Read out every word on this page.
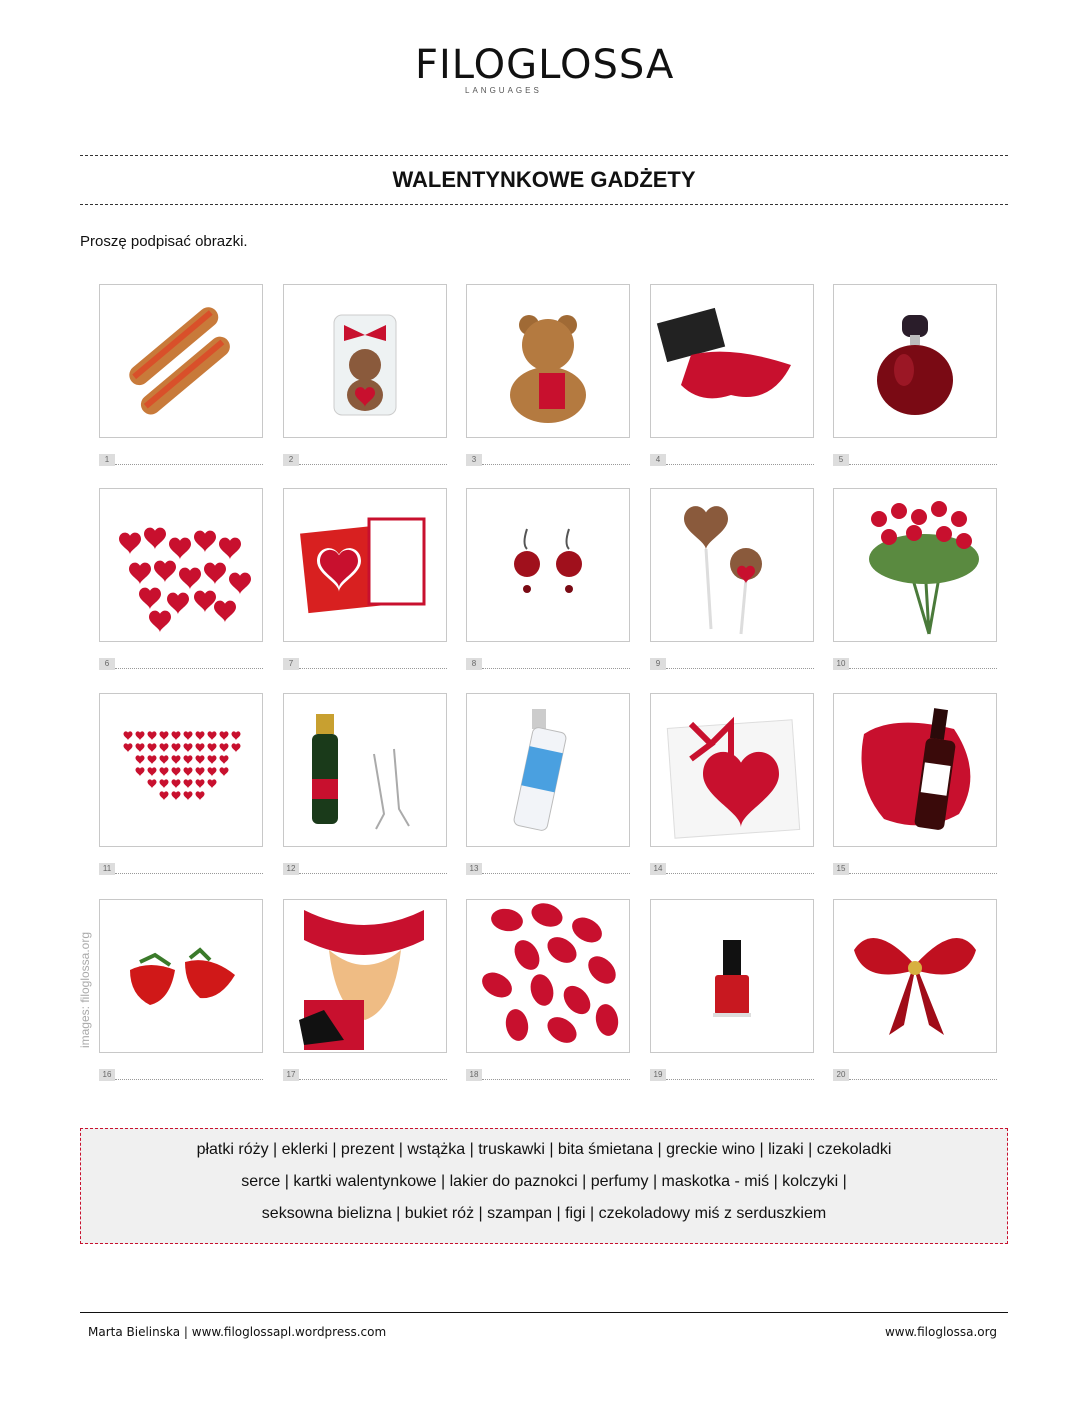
FILOGLOSSA
LANGUAGES
WALENTYNKOWE GADŻETY
Proszę podpisać obrazki.
1	2	3	4	5
6	7	8	9	10
11	12	13	14	15
16	17	18	19	20
images: filoglossa.org
płatki róży | eklerki | prezent | wstążka | truskawki | bita śmietana | greckie wino | lizaki | czekoladki
serce | kartki walentynkowe | lakier do paznokci | perfumy | maskotka - miś | kolczyki |
seksowna bielizna | bukiet róż | szampan | figi | czekoladowy miś z serduszkiem
Marta Bielinska | www.filoglossapl.wordpress.com	www.filoglossa.org
